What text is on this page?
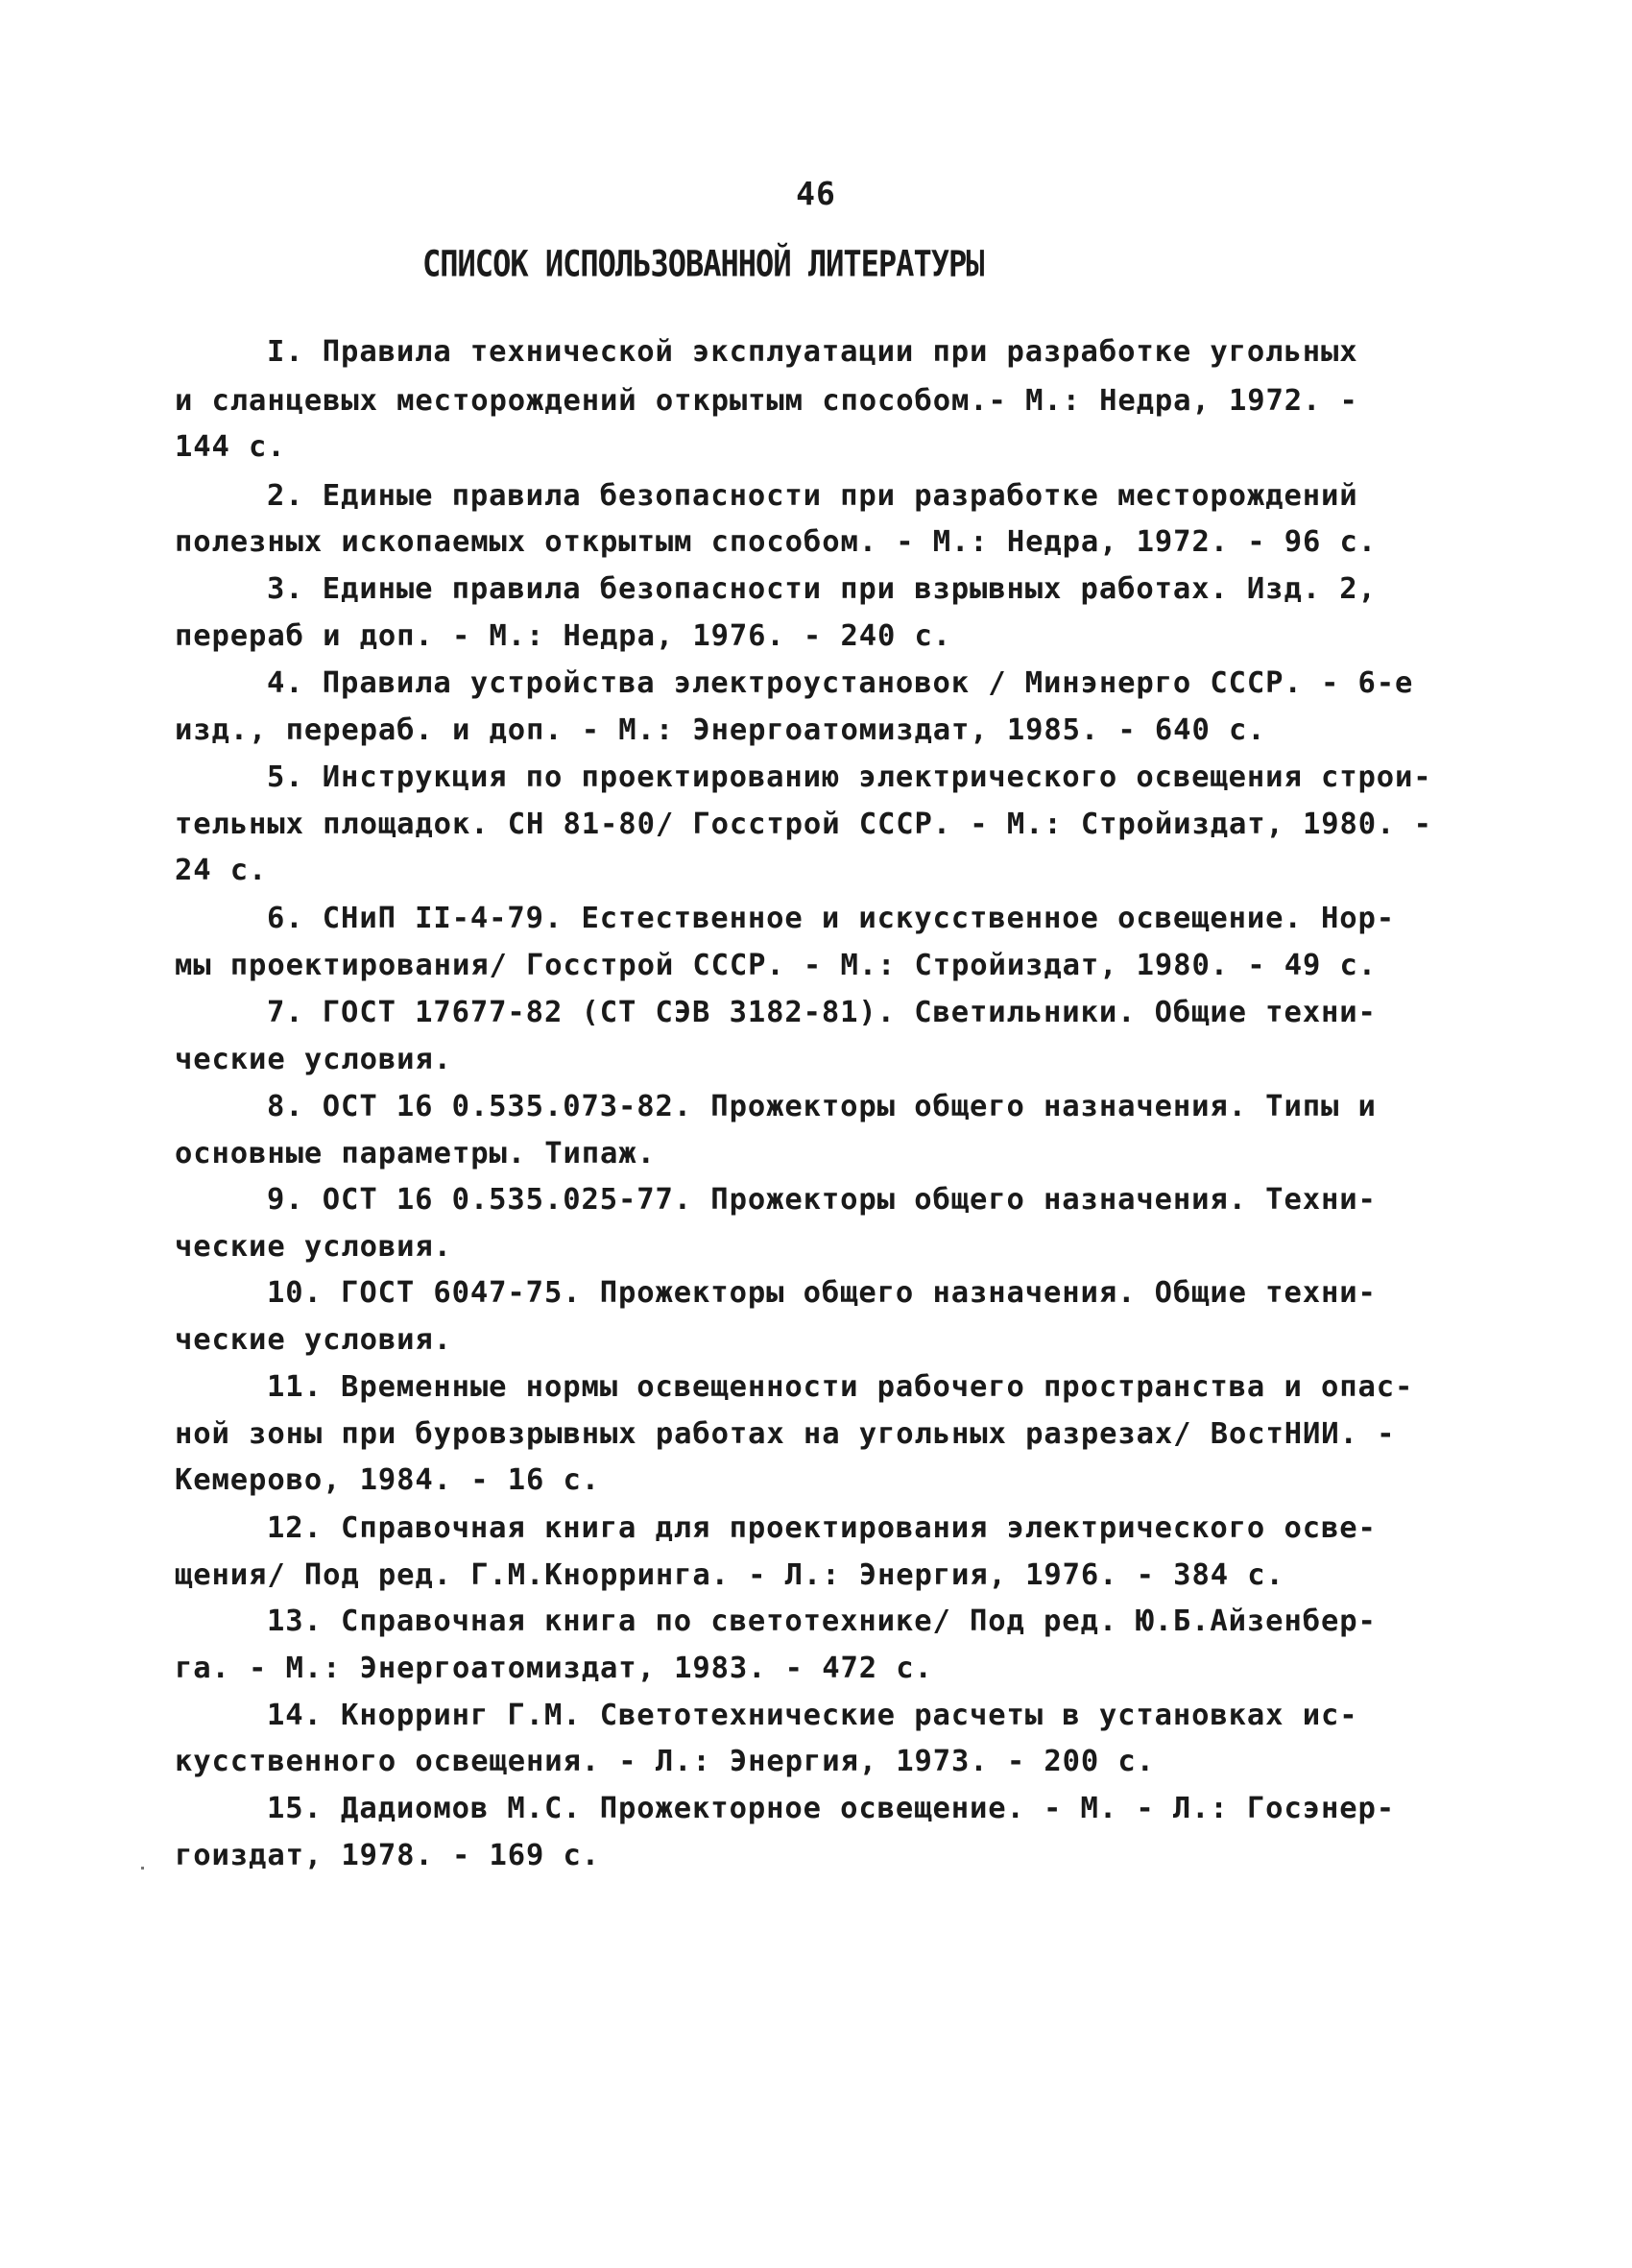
46
СПИСОК ИСПОЛЬЗОВАННОЙ ЛИТЕРАТУРЫ
I. Правила технической эксплуатации при разработке угольных
и сланцевых месторождений открытым способом.- М.: Недра, 1972. -
144 с.
2. Единые правила безопасности при разработке месторождений
полезных ископаемых открытым способом. - М.: Недра, 1972. - 96 с.
3. Единые правила безопасности при взрывных работах. Изд. 2,
перераб и доп. - М.: Недра, 1976. - 240 с.
4. Правила устройства электроустановок / Минэнерго СССР. - 6-е
изд., перераб. и доп. - М.: Энергоатомиздат, 1985. - 640 с.
5. Инструкция по проектированию электрического освещения строи-
тельных площадок. СН 81-80/ Госстрой СССР. - М.: Стройиздат, 1980. -
24 с.
6. СНиП II-4-79. Естественное и искусственное освещение. Нор-
мы проектирования/ Госстрой СССР. - М.: Стройиздат, 1980. - 49 с.
7. ГОСТ 17677-82 (СТ СЭВ 3182-81). Светильники. Общие техни-
ческие условия.
8. ОСТ 16 0.535.073-82. Прожекторы общего назначения. Типы и
основные параметры. Типаж.
9. ОСТ 16 0.535.025-77. Прожекторы общего назначения. Техни-
ческие условия.
10. ГОСТ 6047-75. Прожекторы общего назначения. Общие техни-
ческие условия.
11. Временные нормы освещенности рабочего пространства и опас-
ной зоны при буровзрывных работах на угольных разрезах/ ВостНИИ. -
Кемерово, 1984. - 16 с.
12. Справочная книга для проектирования электрического осве-
щения/ Под ред. Г.М.Кнорринга. - Л.: Энергия, 1976. - 384 с.
13. Справочная книга по светотехнике/ Под ред. Ю.Б.Айзенбер-
га. - М.: Энергоатомиздат, 1983. - 472 с.
14. Кнорринг Г.М. Светотехнические расчеты в установках ис-
кусственного освещения. - Л.: Энергия, 1973. - 200 с.
15. Дадиомов М.С. Прожекторное освещение. - М. - Л.: Госэнер-
гоиздат, 1978. - 169 с.
